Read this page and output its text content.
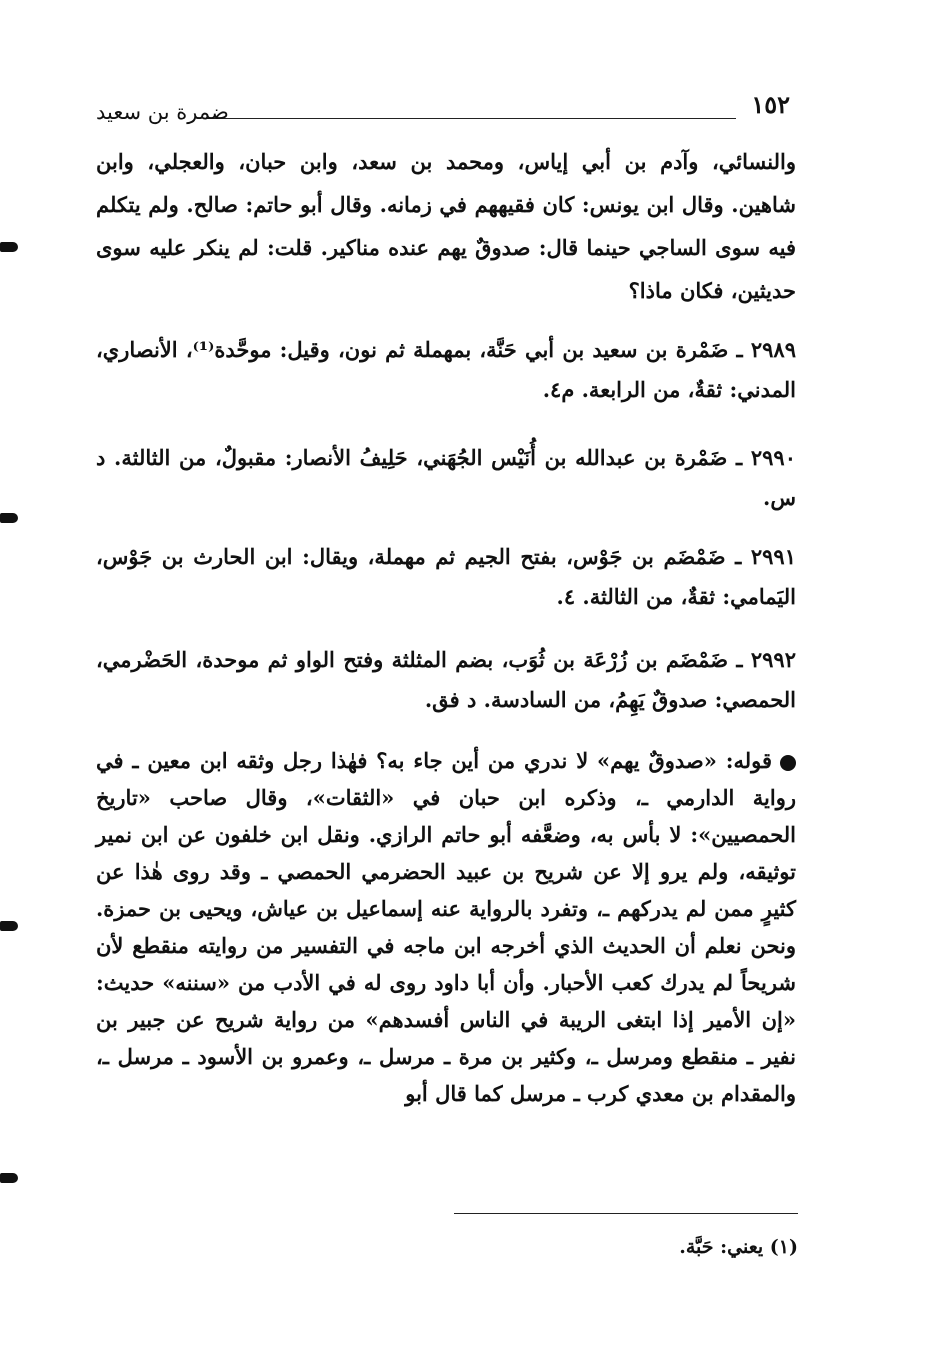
١٥٢
ضمرة بن سعيد

والنسائي، وآدم بن أبي إياس، ومحمد بن سعد، وابن حبان، والعجلي، وابن شاهين. وقال ابن يونس: كان فقيههم في زمانه. وقال أبو حاتم: صالح. ولم يتكلم فيه سوى الساجي حينما قال: صدوقٌ يهم عنده مناكير. قلت: لم ينكر عليه سوى حديثين، فكان ماذا؟

٢٩٨٩ ـ ضَمْرة بن سعيد بن أبي حَنَّة، بمهملة ثم نون، وقيل: موحَّدة⁽¹⁾، الأنصاري، المدني: ثقةٌ، من الرابعة. م٤.

٢٩٩٠ ـ ضَمْرة بن عبدالله بن أُنَيْس الجُهَني، حَلِيفُ الأنصار: مقبولٌ، من الثالثة. د س.

٢٩٩١ ـ ضَمْضَم بن جَوْس، بفتح الجيم ثم مهملة، ويقال: ابن الحارث بن جَوْس، اليَمامي: ثقةٌ، من الثالثة. ٤.

٢٩٩٢ ـ ضَمْضَم بن زُرْعَة بن ثُوَب، بضم المثلثة وفتح الواو ثم موحدة، الحَضْرمي، الحمصي: صدوقٌ يَهِمُ، من السادسة. د فق.

قوله: «صدوقٌ يهم» لا ندري من أين جاء به؟ فهٰذا رجل وثقه ابن معين ـ في رواية الدارمي ـ، وذكره ابن حبان في «الثقات»، وقال صاحب «تاريخ الحمصيين»: لا بأس به، وضعَّفه أبو حاتم الرازي. ونقل ابن خلفون عن ابن نمير توثيقه، ولم يرو إلا عن شريح بن عبيد الحضرمي الحمصي ـ وقد روى هٰذا عن كثيرٍ ممن لم يدركهم ـ، وتفرد بالرواية عنه إسماعيل بن عياش، ويحيى بن حمزة. ونحن نعلم أن الحديث الذي أخرجه ابن ماجه في التفسير من روايته منقطع لأن شريحاً لم يدرك كعب الأحبار. وأن أبا داود روى له في الأدب من «سننه» حديث: «إن الأمير إذا ابتغى الريبة في الناس أفسدهم» من رواية شريح عن جبير بن نفير ـ منقطع ومرسل ـ، وكثير بن مرة ـ مرسل ـ، وعمرو بن الأسود ـ مرسل ـ، والمقدام بن معدي كرب ـ مرسل كما قال أبو

(١) يعني: حَبَّة.
